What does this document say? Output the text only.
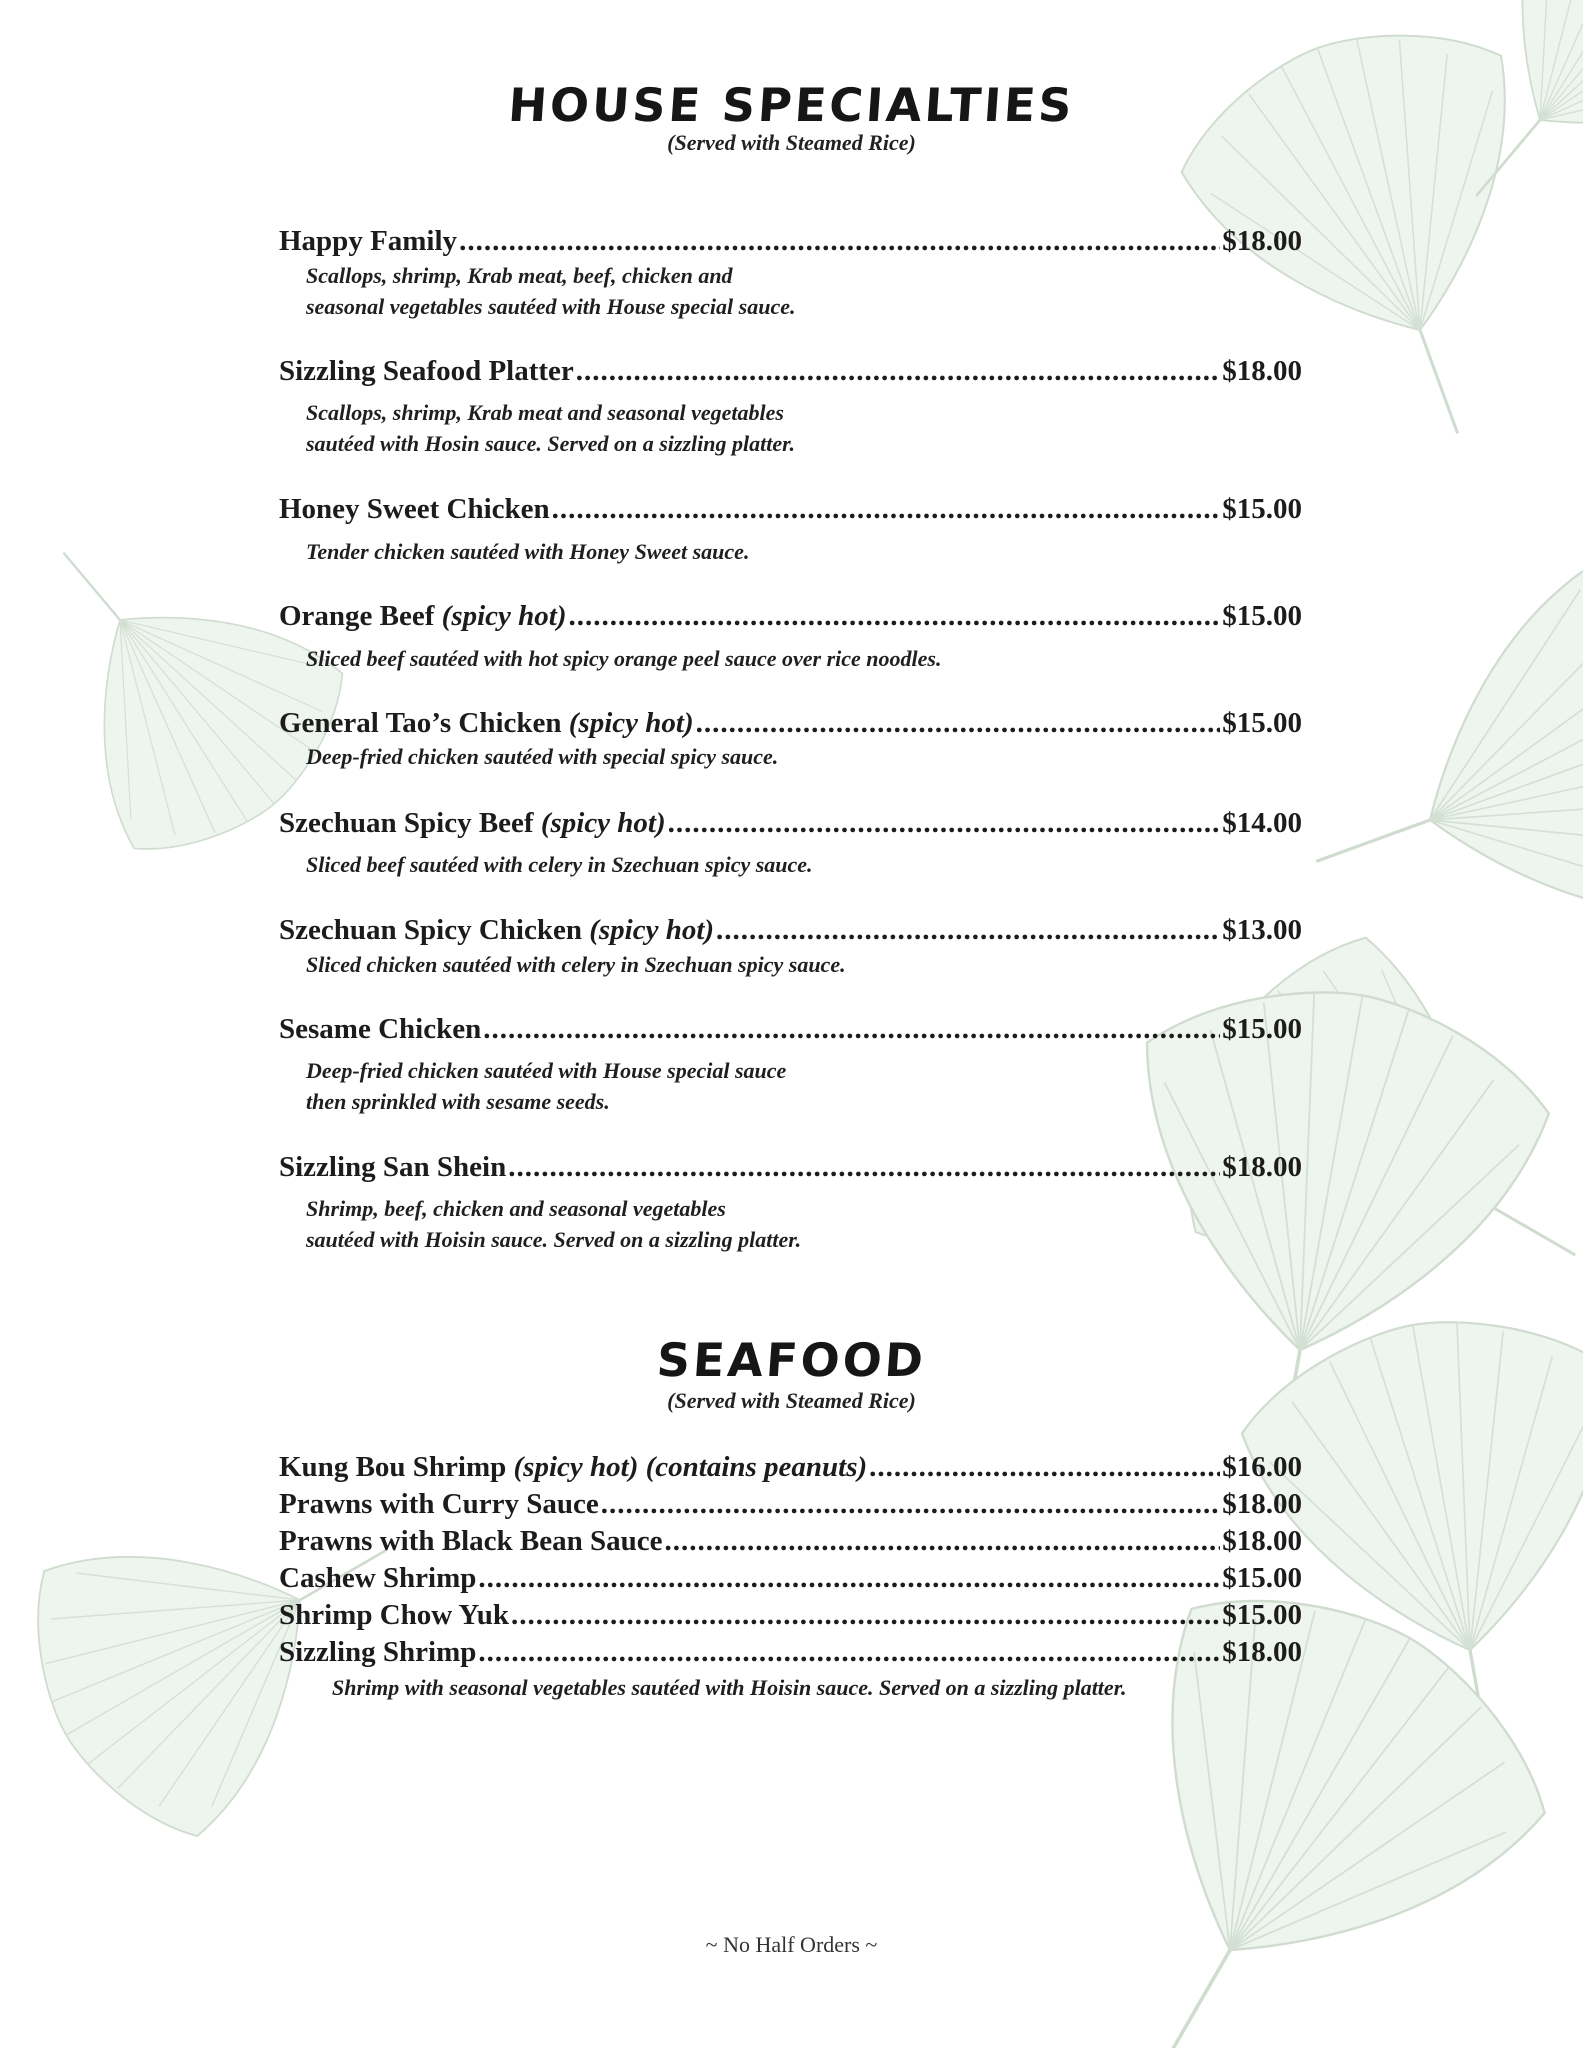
HOUSE SPECIALTIES
(Served with Steamed Rice)
Happy Family .....	$18.00
Scallops, shrimp, Krab meat, beef, chicken and
seasonal vegetables sautéed with House special sauce.
Sizzling Seafood Platter .....	$18.00
Scallops, shrimp, Krab meat and seasonal vegetables
sautéed with Hosin sauce. Served on a sizzling platter.
Honey Sweet Chicken .....	$15.00
Tender chicken sautéed with Honey Sweet sauce.
Orange Beef (spicy hot) .....	$15.00
Sliced beef sautéed with hot spicy orange peel sauce over rice noodles.
General Tao’s Chicken (spicy hot) .....	$15.00
Deep-fried chicken sautéed with special spicy sauce.
Szechuan Spicy Beef (spicy hot) .....	$14.00
Sliced beef sautéed with celery in Szechuan spicy sauce.
Szechuan Spicy Chicken (spicy hot) .....	$13.00
Sliced chicken sautéed with celery in Szechuan spicy sauce.
Sesame Chicken .....	$15.00
Deep-fried chicken sautéed with House special sauce
then sprinkled with sesame seeds.
Sizzling San Shein .....	$18.00
Shrimp, beef, chicken and seasonal vegetables
sautéed with Hoisin sauce. Served on a sizzling platter.
SEAFOOD
(Served with Steamed Rice)
Kung Bou Shrimp (spicy hot) (contains peanuts) .....	$16.00
Prawns with Curry Sauce .....	$18.00
Prawns with Black Bean Sauce .....	$18.00
Cashew Shrimp .....	$15.00
Shrimp Chow Yuk .....	$15.00
Sizzling Shrimp .....	$18.00
Shrimp with seasonal vegetables sautéed with Hoisin sauce. Served on a sizzling platter.
~ No Half Orders ~
